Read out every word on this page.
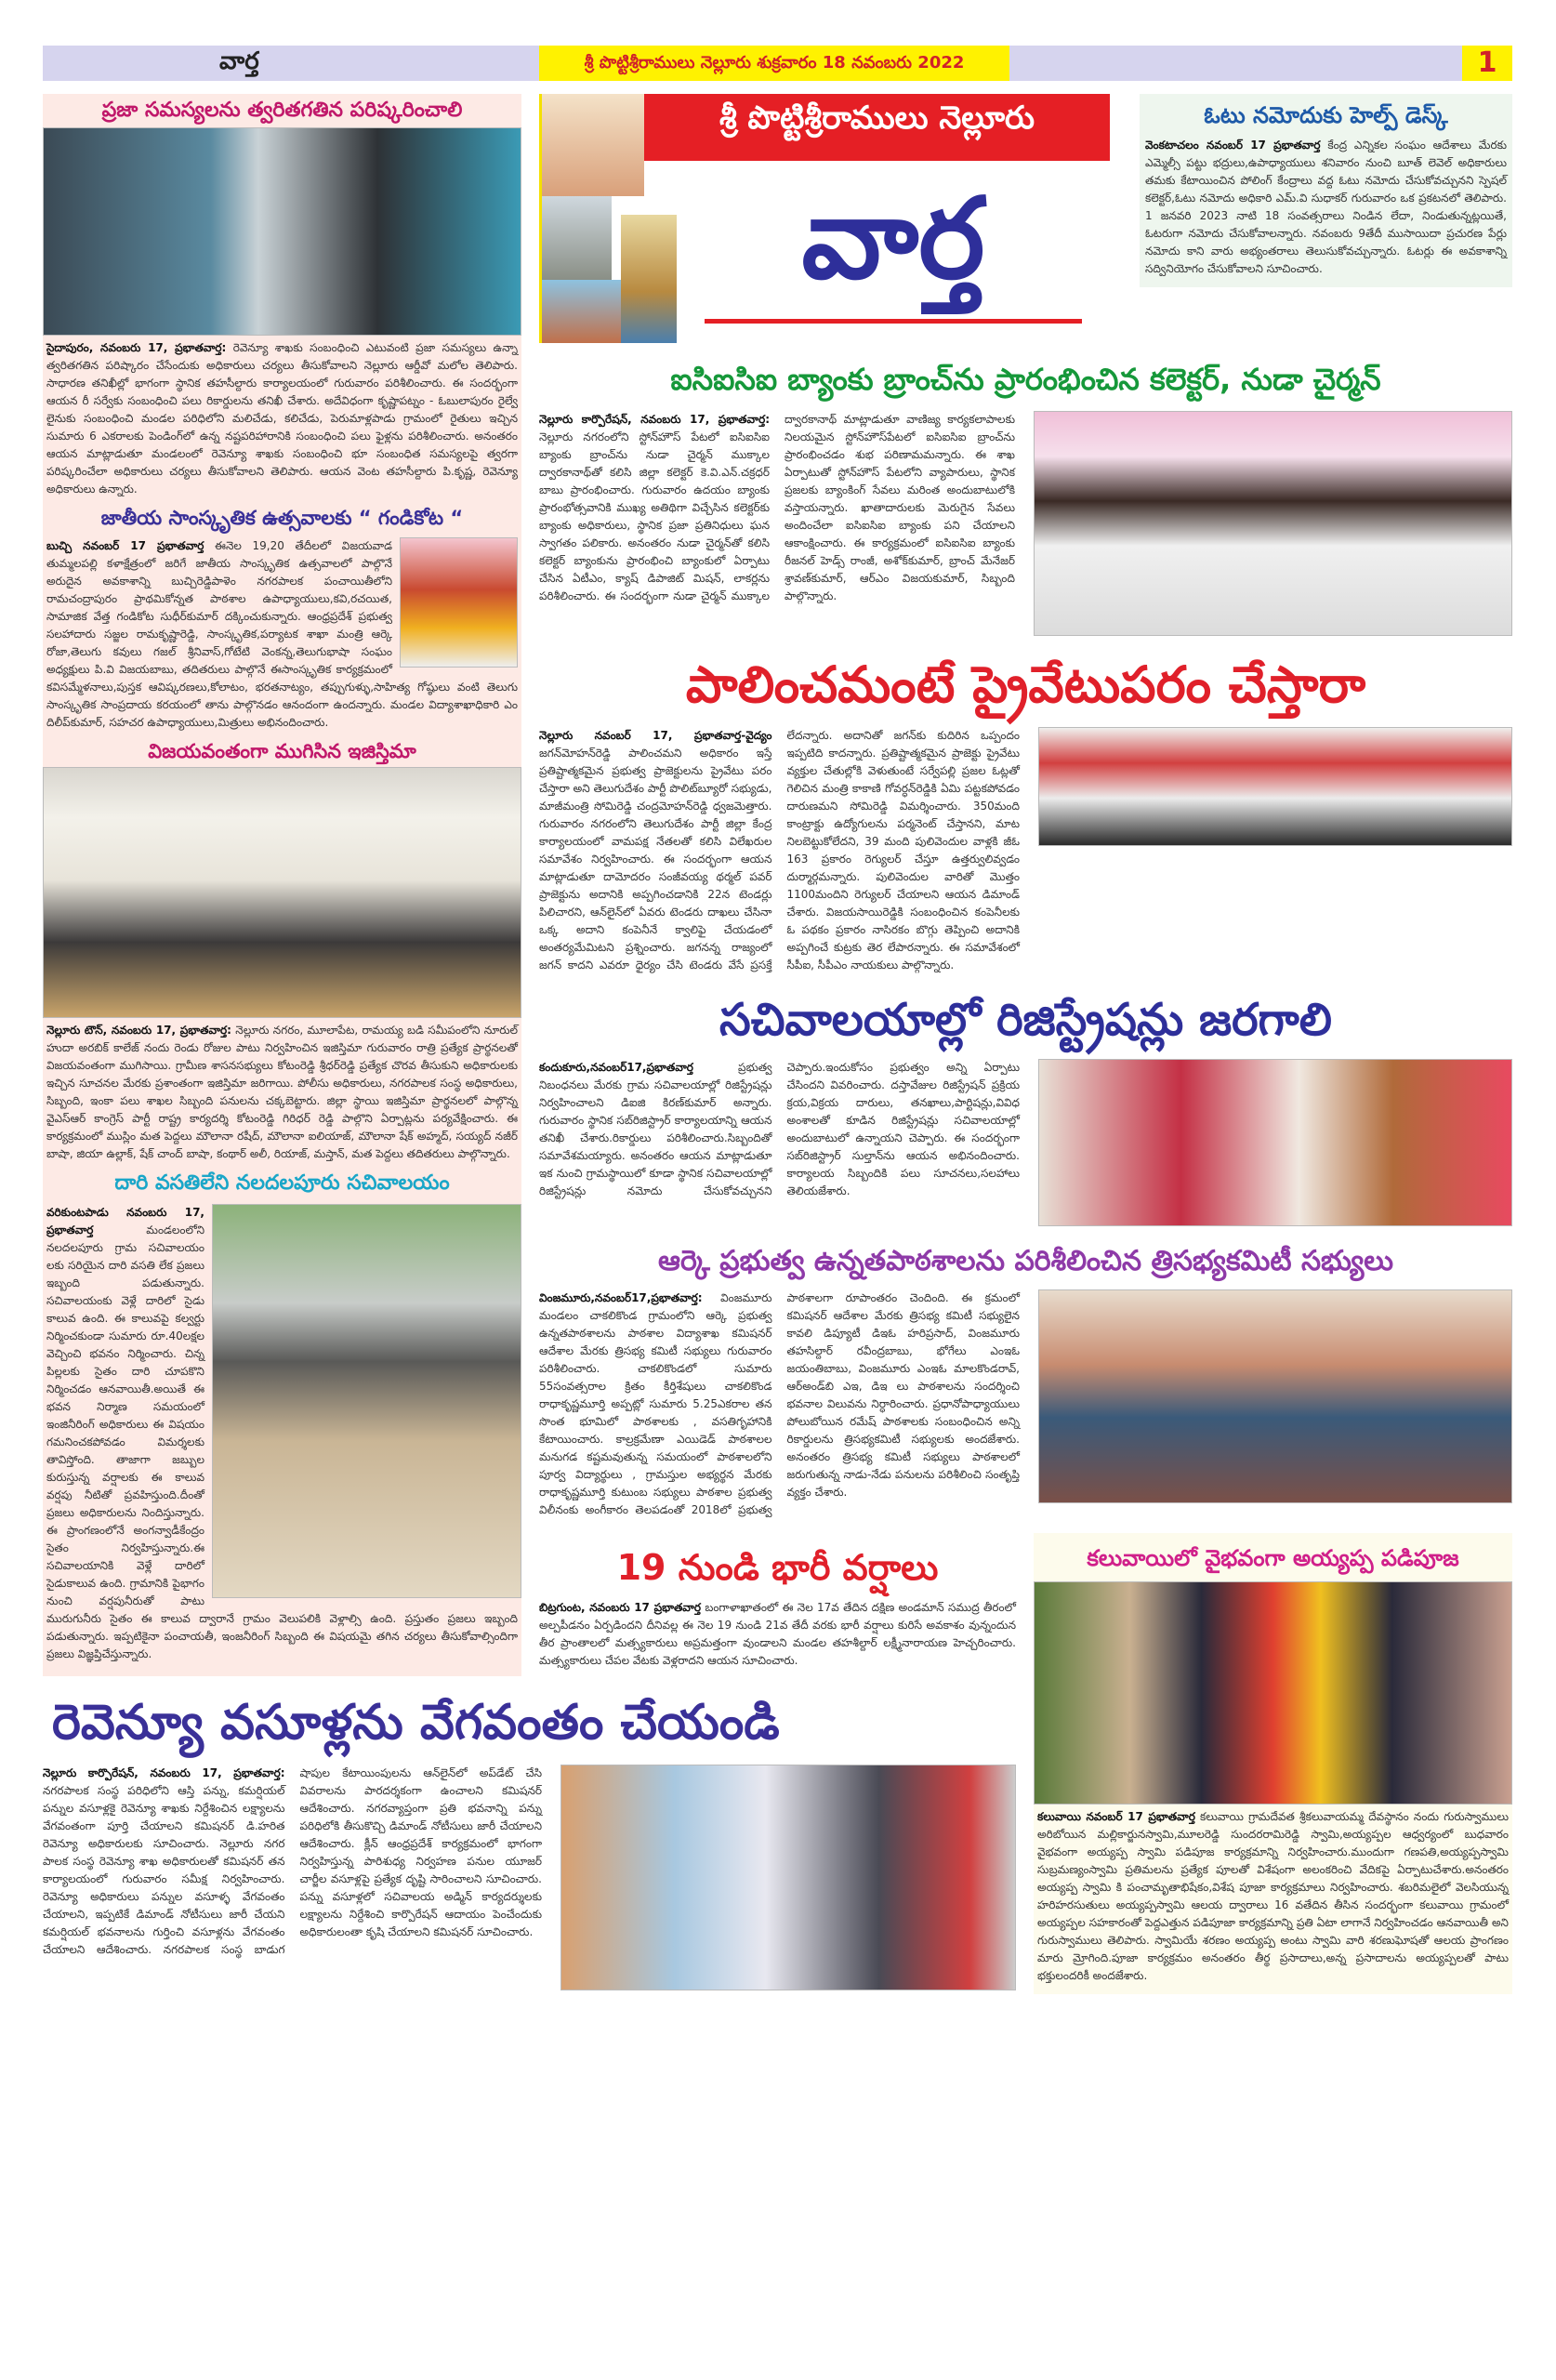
వార్త	శ్రీ పొట్టిశ్రీరాములు నెల్లూరు శుక్రవారం 18 నవంబరు 2022	1
ప్రజా సమస్యలను త్వరితగతిన పరిష్కరించాలి
సైదాపురం, నవంబరు 17, ప్రభాతవార్త: రెవెన్యూ శాఖకు సంబంధించి ఎటువంటి ప్రజా సమస్యలు ఉన్నా త్వరితగతిన పరిష్కారం చేసేందుకు అధికారులు చర్యలు తీసుకోవాలని నెల్లూరు ఆర్డీవో మలోల తెలిపారు. సాధారణ తనిఖీల్లో భాగంగా స్థానిక తహసీల్దారు కార్యాలయంలో గురువారం పరిశీలించారు. ఈ సందర్భంగా ఆయన రీ సర్వేకు సంబంధించి పలు రికార్డులను తనిఖీ చేశారు. అదేవిధంగా కృష్ణాపట్నం - ఓబులాపురం రైల్వే లైనుకు సంబంధించి మండల పరిధిలోని మలిచేడు, కలిచేడు, పెరుమాళ్లపాడు గ్రామంలో రైతులు ఇచ్చిన సుమారు 6 ఎకరాలకు పెండింగ్‌లో ఉన్న నష్టపరిహారానికి సంబంధించి పలు ఫైళ్లను పరిశీలించారు. అనంతరం ఆయన మాట్లాడుతూ మండలంలో రెవెన్యూ శాఖకు సంబంధించి భూ సంబంధిత సమస్యలపై త్వరగా పరిష్కరించేలా అధికారులు చర్యలు తీసుకోవాలని తెలిపారు. ఆయన వెంట తహసీల్దారు పి.కృష్ణ, రెవెన్యూ అధికారులు ఉన్నారు.
జాతీయ సాంస్కృతిక ఉత్సవాలకు “ గండికోట “
బుచ్చి నవంబర్ 17 ప్రభాతవార్త ఈనెల 19,20 తేదీలలో విజయవాడ తుమ్మలపల్లి కళాక్షేత్రంలో జరిగే జాతీయ సాంస్కృతిక ఉత్సవాలలో పాల్గొనే అరుదైన అవకాశాన్ని బుచ్చిరెడ్డిపాళెం నగరపాలక పంచాయితీలోని రామచంద్రాపురం ప్రాథమికోన్నత పాఠశాల ఉపాధ్యాయులు,కవి,రచయిత, సామాజిక వేత్త గండికోట సుధీర్‌కుమార్ దక్కించుకున్నారు. ఆంధ్రప్రదేశ్ ప్రభుత్వ సలహాదారు సజ్జల రామకృష్ణారెడ్డి, సాంస్కృతిక,పర్యాటక శాఖా మంత్రి ఆర్కె రోజా,తెలుగు కవులు గజల్ శ్రీనివాస్,గోటేటి వెంకన్న,తెలుగుభాషా సంఘం అధ్యక్షులు పి.వి విజయబాబు, తదితరులు పాల్గొనే ఈసాంస్కృతిక కార్యక్రమంలో కవిసమ్మేళనాలు,పుస్తక ఆవిష్కరణలు,కోలాటం, భరతనాట్యం, తప్పుగుళ్ళు,సాహిత్య గోష్ఠులు వంటి తెలుగు సాంస్కృతిక సాంప్రదాయ కరయంలో తాను పాల్గొనడం ఆనందంగా ఉందన్నారు. మండల విద్యాశాఖాధికారి ఎం దిలీప్‌కుమార్, సహచర ఉపాధ్యాయులు,మిత్రులు అభినందించారు.
విజయవంతంగా ముగిసిన ఇజిస్తిమా
నెల్లూరు టౌన్, నవంబరు 17, ప్రభాతవార్త: నెల్లూరు నగరం, మూలాపేట, రామయ్య బడి సమీపంలోని నూరుల్ హుదా అరబిక్ కాలేజ్ నందు రెండు రోజుల పాటు నిర్వహించిన ఇజిస్తిమా గురువారం రాత్రి ప్రత్యేక ప్రార్థనలతో విజయవంతంగా ముగిసాయి. గ్రామీణ శాసనసభ్యులు కోటంరెడ్డి శ్రీధర్‌రెడ్డి ప్రత్యేక చొరవ తీసుకుని అధికారులకు ఇచ్చిన సూచనల మేరకు ప్రశాంతంగా ఇజిస్తిమా జరిగాయి. పోలీసు అధికారులు, నగరపాలక సంస్థ అధికారులు, సిబ్బంది, ఇంకా పలు శాఖల సిబ్బంది పనులను చక్కబెట్టారు. జిల్లా స్థాయి ఇజిస్తిమా ప్రార్థనలలో పాల్గొన్న వైఎస్ఆర్ కాంగ్రెస్ పార్టీ రాష్ట్ర కార్యదర్శి కోటంరెడ్డి గిరిధర్ రెడ్డి పాల్గొని ఏర్పాట్లను పర్యవేక్షించారు. ఈ కార్యక్రమంలో ముస్లిం మత పెద్దలు మౌలానా రషీద్, మౌలానా ఐలియాజ్, మౌలానా షేక్ అహ్మద్, సయ్యద్ నజీర్ బాషా, జియా ఉల్లాక్, షేక్ చాంద్ బాషా, కంథార్ అలీ, రియాజ్, మస్తాన్, మత పెద్దలు తదితరులు పాల్గొన్నారు.
దారి వసతిలేని నలదలపూరు సచివాలయం
వరికుంటపాడు నవంబరు 17, ప్రభాతవార్త	మండలంలోని నలదలపూరు గ్రామ సచివాలయం లకు సరియైన దారి వసతి లేక ప్రజలు ఇబ్బంది పడుతున్నారు. సచివాలయంకు వెళ్లే దారిలో సైడు కాలువ ఉంది. ఈ కాలువపై కల్వర్టు నిర్మించకుండా సుమారు రూ.40లక్షల వెచ్చించి భవనం నిర్మించారు. చిన్న పిల్లలకు సైతం దారి చూపకొని నిర్మించడం ఆనవాయితీ.అయితే ఈ భవన నిర్మాణ సమయంలో ఇంజినీరింగ్ అధికారులు ఈ విషయం గమనించకపోవడం విమర్శలకు తావిస్తోంది. తాజాగా జబ్బుల కురుస్తున్న వర్షాలకు ఈ కాలువ వర్షపు నీటితో ప్రవహిస్తుంది.దీంతో ప్రజలు అధికారులను నిందిస్తున్నారు. ఈ ప్రాంగణంలోనే అంగన్వాడీకేంద్రం సైతం నిర్వహిస్తున్నారు.ఈ సచివాలయానికి వెళ్లే దారిలో సైడుకాలువ ఉంది. గ్రామానికి పైభాగం నుంచి వర్షపునీరుతో పాటు మురుగునీరు సైతం ఈ కాలువ ద్వారానే గ్రామం వెలుపలికి వెళ్లాల్సి ఉంది. ప్రస్తుతం ప్రజలు ఇబ్బంది పడుతున్నారు. ఇప్పటికైనా పంచాయతీ, ఇంజనీరింగ్ సిబ్బంది ఈ విషయమై తగిన చర్యలు తీసుకోవాల్సిందిగా ప్రజలు విజ్ఞప్తిచేస్తున్నారు.
శ్రీ పొట్టిశ్రీరాములు నెల్లూరు
వార్త
ఓటు నమోదుకు హెల్ప్ డెస్క్
వెంకటాచలం నవంబర్ 17 ప్రభాతవార్త కేంద్ర ఎన్నికల సంఘం ఆదేశాలు మేరకు ఎమ్మెల్సీ పట్టు భద్రులు,ఉపాధ్యాయులు శనివారం నుంచి బూత్ లెవెల్ అధికారులు తమకు కేటాయించిన పోలింగ్ కేంద్రాలు వద్ద ఓటు నమోదు చేసుకోవచ్చునని స్పెషల్ కలెక్టర్,ఓటు నమోదు అధికారి ఎమ్.వి సుధాకర్ గురువారం ఒక ప్రకటనలో తెలిపారు. 1 జనవరి 2023 నాటి 18 సంవత్సరాలు నిండిన లేదా, నిండుతున్నట్లయితే, ఓటరుగా నమోదు చేసుకోవాలన్నారు. నవంబరు 9తేదీ ముసాయిదా ప్రచురణ పేర్లు నమోదు కాని వారు అభ్యంతరాలు తెలుసుకోవచ్చున్నారు. ఓటర్లు ఈ అవకాశాన్ని సద్వినియోగం చేసుకోవాలని సూచించారు.
ఐసిఐసిఐ బ్యాంకు బ్రాంచ్‌ను ప్రారంభించిన కలెక్టర్, నుడా చైర్మన్
నెల్లూరు కార్పొరేషన్, నవంబరు 17, ప్రభాతవార్త: నెల్లూరు నగరంలోని స్టోన్‌హౌస్ పేటలో ఐసిఐసిఐ బ్యాంకు బ్రాంచ్‌ను నుడా చైర్మన్ ముక్కాల ద్వారకానాథ్‌తో కలిసి జిల్లా కలెక్టర్ కె.వి.ఎన్.చక్రధర్ బాబు ప్రారంభించారు. గురువారం ఉదయం బ్యాంకు ప్రారంభోత్సవానికి ముఖ్య అతిథిగా విచ్చేసిన కలెక్టర్‌కు బ్యాంకు అధికారులు, స్థానిక ప్రజా ప్రతినిధులు ఘన స్వాగతం పలికారు. అనంతరం నుడా చైర్మన్‌తో కలిసి కలెక్టర్ బ్యాంకును ప్రారంభించి బ్యాంకులో ఏర్పాటు చేసిన ఏటీఎం, క్యాష్ డిపాజిట్ మిషన్, లాకర్లను పరిశీలించారు. ఈ సందర్భంగా నుడా చైర్మన్ ముక్కాల ద్వారకానాథ్ మాట్లాడుతూ వాణిజ్య కార్యకలాపాలకు నిలయమైన స్టోన్‌హౌస్‌పేటలో ఐసిఐసిఐ బ్రాంచ్‌ను ప్రారంభించడం శుభ పరిణామమన్నారు. ఈ శాఖ ఏర్పాటుతో స్టోన్‌హౌస్ పేటలోని వ్యాపారులు, స్థానిక ప్రజలకు బ్యాంకింగ్ సేవలు మరింత అందుబాటులోకి వస్తాయన్నారు. ఖాతాదారులకు మెరుగైన సేవలు అందించేలా ఐసిఐసిఐ బ్యాంకు పని చేయాలని ఆకాంక్షించారు. ఈ కార్యక్రమంలో ఐసిఐసిఐ బ్యాంకు రీజనల్ హెడ్స్ రాంజీ, అశోక్‌కుమార్, బ్రాంచ్ మేనేజర్ శ్రావణ్‌కుమార్, ఆర్‌ఎం విజయకుమార్, సిబ్బంది పాల్గొన్నారు.
పాలించమంటే ప్రైవేటుపరం చేస్తారా
నెల్లూరు నవంబర్ 17, ప్రభాతవార్త-వైద్యం జగన్‌మోహన్‌రెడ్డి పాలించమని అధికారం ఇస్తే ప్రతిష్టాత్మకమైన ప్రభుత్వ ప్రాజెక్టులను ప్రైవేటు పరం చేస్తారా అని తెలుగుదేశం పార్టీ పొలిట్‌బ్యూరో సభ్యుడు, మాజీమంత్రి సోమిరెడ్డి చంద్రమోహన్‌రెడ్డి ధ్వజమెత్తారు. గురువారం నగరంలోని తెలుగుదేశం పార్టీ జిల్లా కేంద్ర కార్యాలయంలో వామపక్ష నేతలతో కలిసి విలేఖరుల సమావేశం నిర్వహించారు. ఈ సందర్భంగా ఆయన మాట్లాడుతూ దామోదరం సంజీవయ్య థర్మల్ పవర్ ప్రాజెక్టును అదానికి అప్పగించడానికి 22న టెండర్లు పిలిచారని, ఆన్‌లైన్‌లో ఏవరు టెండరు దాఖలు చేసినా ఒక్క అదాని కంపెనీనే క్వాలిఫై చేయడంలో అంతర్యమేమిటని ప్రశ్నించారు. జగనన్న రాజ్యంలో జగన్ కాదని ఎవరూ ధైర్యం చేసి టెండరు వేసే ప్రసక్తే లేదన్నారు. అదానితో జగన్‌కు కుదిరిన ఒప్పందం ఇప్పటిది కాదన్నారు. ప్రతిష్టాత్మకమైన ప్రాజెక్టు ప్రైవేటు వ్యక్తుల చేతుల్లోకి వెళుతుంటే సర్వేపల్లి ప్రజల ఓట్లతో గెలిచిన మంత్రి కాకాణి గోవర్ధన్‌రెడ్డికి ఏమి పట్టకపోవడం దారుణమని సోమిరెడ్డి విమర్శించారు. 350మంది కాంట్రాక్టు ఉద్యోగులను పర్మనెంట్ చేస్తానని, మాట నిలబెట్టుకోలేదని, 39 మంది పులివెందుల వాళ్లకి జీఓ 163 ప్రకారం రెగ్యులర్ చేస్తూ ఉత్తర్వులివ్వడం దుర్మార్గమన్నారు. పులివెందుల వారితో మొత్తం 1100మందిని రెగ్యులర్ చేయాలని ఆయన డిమాండ్ చేశారు. విజయసాయిరెడ్డికి సంబంధించిన కంపెనీలకు ఓ పథకం ప్రకారం నాసిరకం బొగ్గు తెప్పించి అదానికి అప్పగించే కుట్రకు తెర లేపారన్నారు. ఈ సమావేశంలో సీపీఐ, సీపీఎం నాయకులు పాల్గొన్నారు.
సచివాలయాల్లో రిజిస్ట్రేషన్లు జరగాలి
కందుకూరు,నవంబర్17,ప్రభాతవార్త	ప్రభుత్వ నిబంధనలు మేరకు గ్రామ సచివాలయాల్లో రిజిస్ట్రేషన్లు నిర్వహించాలని డిఐజి కిరణ్‌కుమార్ అన్నారు. గురువారం స్థానిక సబ్‌రిజిస్ట్రార్ కార్యాలయాన్ని ఆయన తనిఖీ చేశారు.రికార్డులు పరిశీలించారు.సిబ్బందితో సమావేశమయ్యారు. అనంతరం ఆయన మాట్లాడుతూ ఇక నుంచి గ్రామస్థాయిలో కూడా స్థానిక సచివాలయాల్లో రిజిస్ట్రేషన్లు నమోదు చేసుకోవచ్చునని చెప్పారు.ఇందుకోసం ప్రభుత్వం అన్ని ఏర్పాటు చేసిందని వివరించారు. దస్తావేజుల రిజిస్ట్రేషన్ ప్రక్రియ క్రయ,విక్రయ దారులు, తనఖాలు,పార్టిషన్లు,వివిధ అంశాలతో కూడిన రిజిస్ట్రేషన్లు సచివాలయాల్లో అందుబాటులో ఉన్నాయని చెప్పారు. ఈ సందర్భంగా సబ్‌రిజిస్ట్రార్ సుల్తాన్‌ను ఆయన అభినందించారు. కార్యాలయ సిబ్బందికి పలు సూచనలు,సలహాలు తెలియజేశారు.
ఆర్కె ప్రభుత్వ ఉన్నతపాఠశాలను పరిశీలించిన త్రిసభ్యకమిటీ సభ్యులు
వింజమూరు,నవంబర్17,ప్రభాతవార్త: వింజమూరు మండలం చాకలికొండ గ్రామంలోని ఆర్కె ప్రభుత్వ ఉన్నతపాఠశాలను పాఠశాల విద్యాశాఖ కమిషనర్ ఆదేశాల మేరకు త్రిసభ్య కమిటీ సభ్యులు గురువారం పరిశీలించారు. చాకలికొండలో సుమారు 55సంవత్సరాల క్రితం కీర్తిశేషులు చాకలికొండ రాధాకృష్ణమూర్తి అప్పట్లో సుమారు 5.25ఎకరాల తన సొంత భూమిలో పాఠశాలకు , వసతిగృహానికి కేటాయించారు. కాల్రక్రమేణా ఎయిడెడ్ పాఠశాలల మనుగడ కష్టమవుతున్న సమయంలో పాఠశాలలోని పూర్వ విద్యార్థులు , గ్రామస్తుల అభ్యర్థన మేరకు రాధాకృష్ణమూర్తి కుటుంబ సభ్యులు పాఠశాల ప్రభుత్వ విలీనంకు అంగీకారం తెలపడంతో 2018లో ప్రభుత్వ పాఠశాలగా రూపాంతరం చెందింది. ఈ క్రమంలో కమిషనర్ ఆదేశాల మేరకు త్రిసభ్య కమిటీ సభ్యులైన కావలి డిప్యూటీ డిఇఓ హరిప్రసాద్, వింజమూరు తహసిల్దార్ రవీంద్రబాబు, భోగేలు ఎంఇఓ జయంతిబాబు, వింజమూరు ఎంఇఓ మాలకొండరావ్, ఆర్‌అండ్‌బి ఎఇ, డిఇ లు పాఠశాలను సందర్శించి భవనాల విలువను నిర్ధారించారు. ప్రధానోపాధ్యాయులు పోలుబోయిన రమేష్ పాఠశాలకు సంబంధించిన అన్ని రికార్డులను త్రిసభ్యకమిటీ సభ్యులకు అందజేశారు. అనంతరం త్రిసభ్య కమిటీ సభ్యులు పాఠశాలలో జరుగుతున్న నాడు-నేడు పనులను పరిశీలించి సంతృప్తి వ్యక్తం చేశారు.
19 నుండి భారీ వర్షాలు
బిట్రగుంట, నవంబరు 17 ప్రభాతవార్త బంగాళాఖాతంలో ఈ నెల 17వ తేదిన దక్షిణ అండమాన్ సముద్ర తీరంలో అల్పపీడనం ఏర్పడిందని దీనివల్ల ఈ నెల 19 నుండి 21వ తేదీ వరకు భారీ వర్షాలు కురిసే అవకాశం వున్నందున తీర ప్రాంతాలలో మత్స్యకారులు అప్రమత్తంగా వుండాలని మండల తహశీల్దార్ లక్ష్మీనారాయణ హెచ్చరించారు. మత్స్యకారులు చేపల వేటకు వెళ్లరాదని ఆయన సూచించారు.
కలువాయిలో వైభవంగా అయ్యప్ప పడిపూజ
కలువాయి నవంబర్ 17 ప్రభాతవార్త కలువాయి గ్రామదేవత శ్రీకలువాయమ్మ దేవస్థానం నందు గురుస్వాములు అరిబోయిన మల్లికార్జునస్వామి,మూలరెడ్డి సుందరరామిరెడ్డి స్వామి,అయ్యప్పల ఆధ్వర్యంలో బుధవారం వైభవంగా అయ్యప్ప స్వామి పడిపూజ కార్యక్రమాన్ని నిర్వహించారు.ముందుగా గణపతి,అయ్యప్పస్వామి సుబ్రమణ్యంస్వామి ప్రతిమలను ప్రత్యేక పూలతో విశేషంగా అలంకరించి వేదికపై ఏర్పాటుచేశారు.అనంతరం అయ్యప్ప స్వామి కి పంచామృతాభిషేకం,విశేష పూజా కార్యక్రమాలు నిర్వహించారు. శబరిమలైలో వెలసియున్న హరిహరసుతులు అయ్యప్పస్వామి ఆలయ ద్వారాలు 16 వతేదిన తీసిన సందర్భంగా కలువాయి గ్రామంలో అయ్యప్పల సహకారంతో పెద్దఎత్తున పడిపూజా కార్యక్రమాన్ని ప్రతి ఏటా లాగానే నిర్వహించడం ఆనవాయితీ అని గురుస్వాములు తెలిపారు. స్వామియే శరణం అయ్యప్ప అంటు స్వామి వారి శరణుఘోషతో ఆలయ ప్రాంగణం మారు మ్రోగింది.పూజా కార్యక్రమం అనంతరం తీర్థ ప్రసాదాలు,అన్న ప్రసాదాలను అయ్యప్పలతో పాటు భక్తులందరికీ అందజేశారు.
రెవెన్యూ వసూళ్లను వేగవంతం చేయండి
నెల్లూరు కార్పొరేషన్, నవంబరు 17, ప్రభాతవార్త: నగరపాలక సంస్థ పరిధిలోని ఆస్తి పన్ను, కమర్షియల్ పన్నుల వసూళ్లకై రెవెన్యూ శాఖకు నిర్దేశించిన లక్ష్యాలను వేగవంతంగా పూర్తి చేయాలని కమిషనర్ డి.హరిత రెవెన్యూ అధికారులకు సూచించారు. నెల్లూరు నగర పాలక సంస్థ రెవెన్యూ శాఖ అధికారులతో కమిషనర్ తన కార్యాలయంలో గురువారం సమీక్ష నిర్వహించారు. రెవెన్యూ అధికారులు పన్నుల వసూళ్ళ వేగవంతం చేయాలని, ఇప్పటికే డిమాండ్ నోటీసులు జారీ చేయని కమర్షియల్ భవనాలను గుర్తించి వసూళ్లను వేగవంతం చేయాలని ఆదేశించారు. నగరపాలక సంస్థ బాడుగ షాపుల కేటాయింపులను ఆన్‌లైన్‌లో అప్‌డేట్ చేసి వివరాలను పారదర్శకంగా ఉంచాలని కమిషనర్ ఆదేశించారు. నగరవ్యాప్తంగా ప్రతి భవనాన్ని పన్ను పరిధిలోకి తీసుకొచ్చి డిమాండ్ నోటీసులు జారీ చేయాలని ఆదేశించారు. క్లీన్ ఆంధ్రప్రదేశ్ కార్యక్రమంలో భాగంగా నిర్వహిస్తున్న పారిశుధ్య నిర్వహణ పనుల యూజర్ చార్జీల వసూళ్లపై ప్రత్యేక దృష్టి సారించాలని సూచించారు. పన్ను వసూళ్లలో సచివాలయ అడ్మిన్ కార్యదర్శులకు లక్ష్యాలను నిర్దేశించి కార్పొరేషన్ ఆదాయం పెంచేందుకు అధికారులంతా కృషి చేయాలని కమిషనర్ సూచించారు.
